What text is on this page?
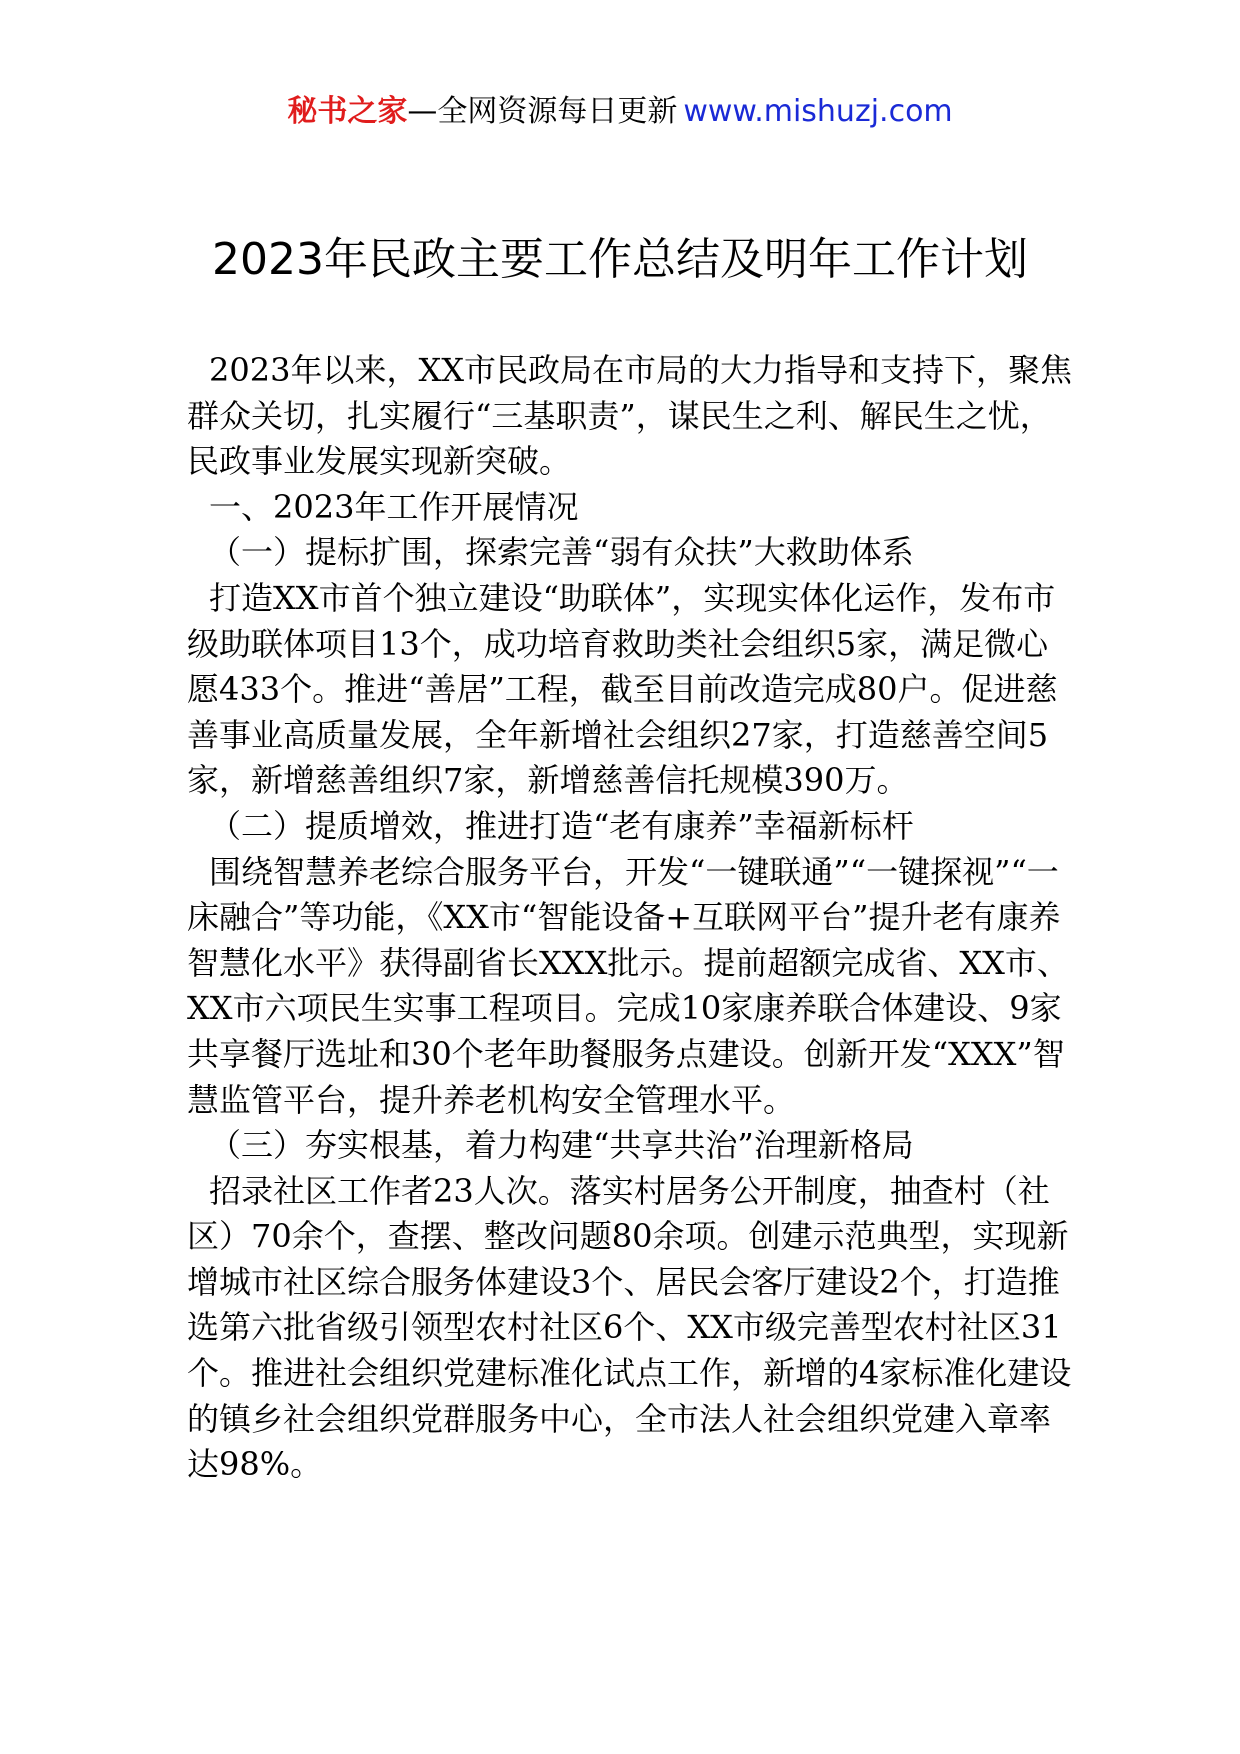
秘书之家—全网资源每日更新 www.mishuzj.com
2023年民政主要工作总结及明年工作计划

2023年以来，XX市民政局在市局的大力指导和支持下，聚焦群众关切，扎实履行“三基职责”，谋民生之利、解民生之忧，民政事业发展实现新突破。

一、2023年工作开展情况

（一）提标扩围，探索完善“弱有众扶”大救助体系

打造XX市首个独立建设“助联体”，实现实体化运作，发布市级助联体项目13个，成功培育救助类社会组织5家，满足微心愿433个。推进“善居”工程，截至目前改造完成80户。促进慈善事业高质量发展，全年新增社会组织27家，打造慈善空间5家，新增慈善组织7家，新增慈善信托规模390万。

（二）提质增效，推进打造“老有康养”幸福新标杆

围绕智慧养老综合服务平台，开发“一键联通”“一键探视”“一床融合”等功能，《XX市“智能设备+互联网平台”提升老有康养智慧化水平》获得副省长XXX批示。提前超额完成省、XX市、XX市六项民生实事工程项目。完成10家康养联合体建设、9家共享餐厅选址和30个老年助餐服务点建设。创新开发“XXX”智慧监管平台，提升养老机构安全管理水平。

（三）夯实根基，着力构建“共享共治”治理新格局

招录社区工作者23人次。落实村居务公开制度，抽查村（社区）70余个，查摆、整改问题80余项。创建示范典型，实现新增城市社区综合服务体建设3个、居民会客厅建设2个，打造推选第六批省级引领型农村社区6个、XX市级完善型农村社区31个。推进社会组织党建标准化试点工作，新增的4家标准化建设的镇乡社会组织党群服务中心，全市法人社会组织党建入章率达98%。
